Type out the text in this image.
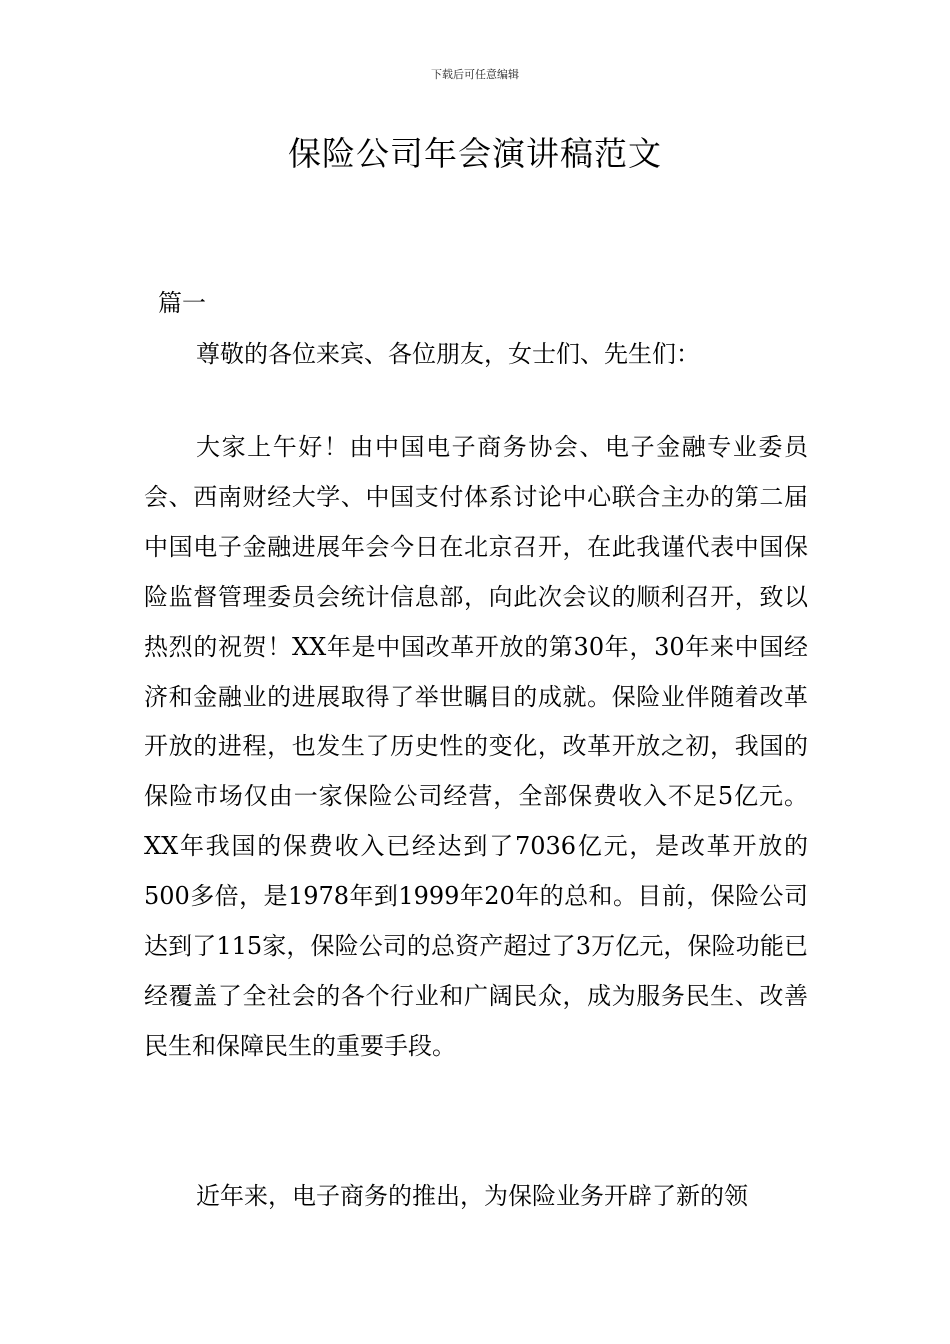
下载后可任意编辑
保险公司年会演讲稿范文
篇一

尊敬的各位来宾、各位朋友，女士们、先生们：

大家上午好！由中国电子商务协会、电子金融专业委员会、西南财经大学、中国支付体系讨论中心联合主办的第二届中国电子金融进展年会今日在北京召开，在此我谨代表中国保险监督管理委员会统计信息部，向此次会议的顺利召开，致以热烈的祝贺！XX年是中国改革开放的第30年，30年来中国经济和金融业的进展取得了举世瞩目的成就。保险业伴随着改革开放的进程，也发生了历史性的变化，改革开放之初，我国的保险市场仅由一家保险公司经营，全部保费收入不足5亿元。XX年我国的保费收入已经达到了7036亿元，是改革开放的500多倍，是1978年到1999年20年的总和。目前，保险公司达到了115家，保险公司的总资产超过了3万亿元，保险功能已经覆盖了全社会的各个行业和广阔民众，成为服务民生、改善民生和保障民生的重要手段。

近年来，电子商务的推出，为保险业务开辟了新的领
